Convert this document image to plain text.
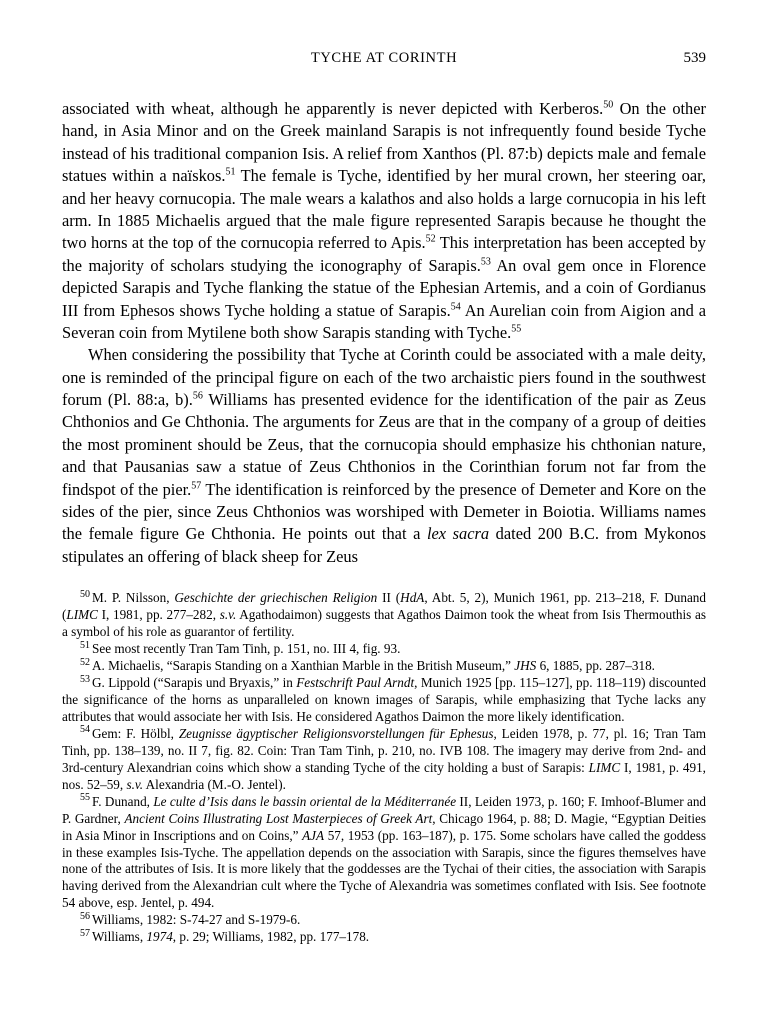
TYCHE AT CORINTH	539

associated with wheat, although he apparently is never depicted with Kerberos.$^{50}$ On the other hand, in Asia Minor and on the Greek mainland Sarapis is not infrequently found beside Tyche instead of his traditional companion Isis. A relief from Xanthos (Pl. 87:b) depicts male and female statues within a naïskos.$^{51}$ The female is Tyche, identified by her mural crown, her steering oar, and her heavy cornucopia. The male wears a kalathos and also holds a large cornucopia in his left arm. In 1885 Michaelis argued that the male figure represented Sarapis because he thought the two horns at the top of the cornucopia referred to Apis.$^{52}$ This interpretation has been accepted by the majority of scholars studying the iconography of Sarapis.$^{53}$ An oval gem once in Florence depicted Sarapis and Tyche flanking the statue of the Ephesian Artemis, and a coin of Gordianus III from Ephesos shows Tyche holding a statue of Sarapis.$^{54}$ An Aurelian coin from Aigion and a Severan coin from Mytilene both show Sarapis standing with Tyche.$^{55}$

When considering the possibility that Tyche at Corinth could be associated with a male deity, one is reminded of the principal figure on each of the two archaistic piers found in the southwest forum (Pl. 88:a, b).$^{56}$ Williams has presented evidence for the identification of the pair as Zeus Chthonios and Ge Chthonia. The arguments for Zeus are that in the company of a group of deities the most prominent should be Zeus, that the cornucopia should emphasize his chthonian nature, and that Pausanias saw a statue of Zeus Chthonios in the Corinthian forum not far from the findspot of the pier.$^{57}$ The identification is reinforced by the presence of Demeter and Kore on the sides of the pier, since Zeus Chthonios was worshiped with Demeter in Boiotia. Williams names the female figure Ge Chthonia. He points out that a lex sacra dated 200 B.C. from Mykonos stipulates an offering of black sheep for Zeus

$^{50}$ M. P. Nilsson, Geschichte der griechischen Religion II (HdA, Abt. 5, 2), Munich 1961, pp. 213–218, F. Dunand (LIMC I, 1981, pp. 277–282, s.v. Agathodaimon) suggests that Agathos Daimon took the wheat from Isis Thermouthis as a symbol of his role as guarantor of fertility.

$^{51}$ See most recently Tran Tam Tinh, p. 151, no. III 4, fig. 93.

$^{52}$ A. Michaelis, “Sarapis Standing on a Xanthian Marble in the British Museum,” JHS 6, 1885, pp. 287–318.

$^{53}$ G. Lippold (“Sarapis und Bryaxis,” in Festschrift Paul Arndt, Munich 1925 [pp. 115–127], pp. 118–119) discounted the significance of the horns as unparalleled on known images of Sarapis, while emphasizing that Tyche lacks any attributes that would associate her with Isis. He considered Agathos Daimon the more likely identification.

$^{54}$ Gem: F. Hölbl, Zeugnisse ägyptischer Religionsvorstellungen für Ephesus, Leiden 1978, p. 77, pl. 16; Tran Tam Tinh, pp. 138–139, no. II 7, fig. 82. Coin: Tran Tam Tinh, p. 210, no. IVB 108. The imagery may derive from 2nd- and 3rd-century Alexandrian coins which show a standing Tyche of the city holding a bust of Sarapis: LIMC I, 1981, p. 491, nos. 52–59, s.v. Alexandria (M.-O. Jentel).

$^{55}$ F. Dunand, Le culte d’Isis dans le bassin oriental de la Méditerranée II, Leiden 1973, p. 160; F. Imhoof-Blumer and P. Gardner, Ancient Coins Illustrating Lost Masterpieces of Greek Art, Chicago 1964, p. 88; D. Magie, “Egyptian Deities in Asia Minor in Inscriptions and on Coins,” AJA 57, 1953 (pp. 163–187), p. 175. Some scholars have called the goddess in these examples Isis-Tyche. The appellation depends on the association with Sarapis, since the figures themselves have none of the attributes of Isis. It is more likely that the goddesses are the Tychai of their cities, the association with Sarapis having derived from the Alexandrian cult where the Tyche of Alexandria was sometimes conflated with Isis. See footnote 54 above, esp. Jentel, p. 494.

$^{56}$ Williams, 1982: S-74-27 and S-1979-6.

$^{57}$ Williams, 1974, p. 29; Williams, 1982, pp. 177–178.
